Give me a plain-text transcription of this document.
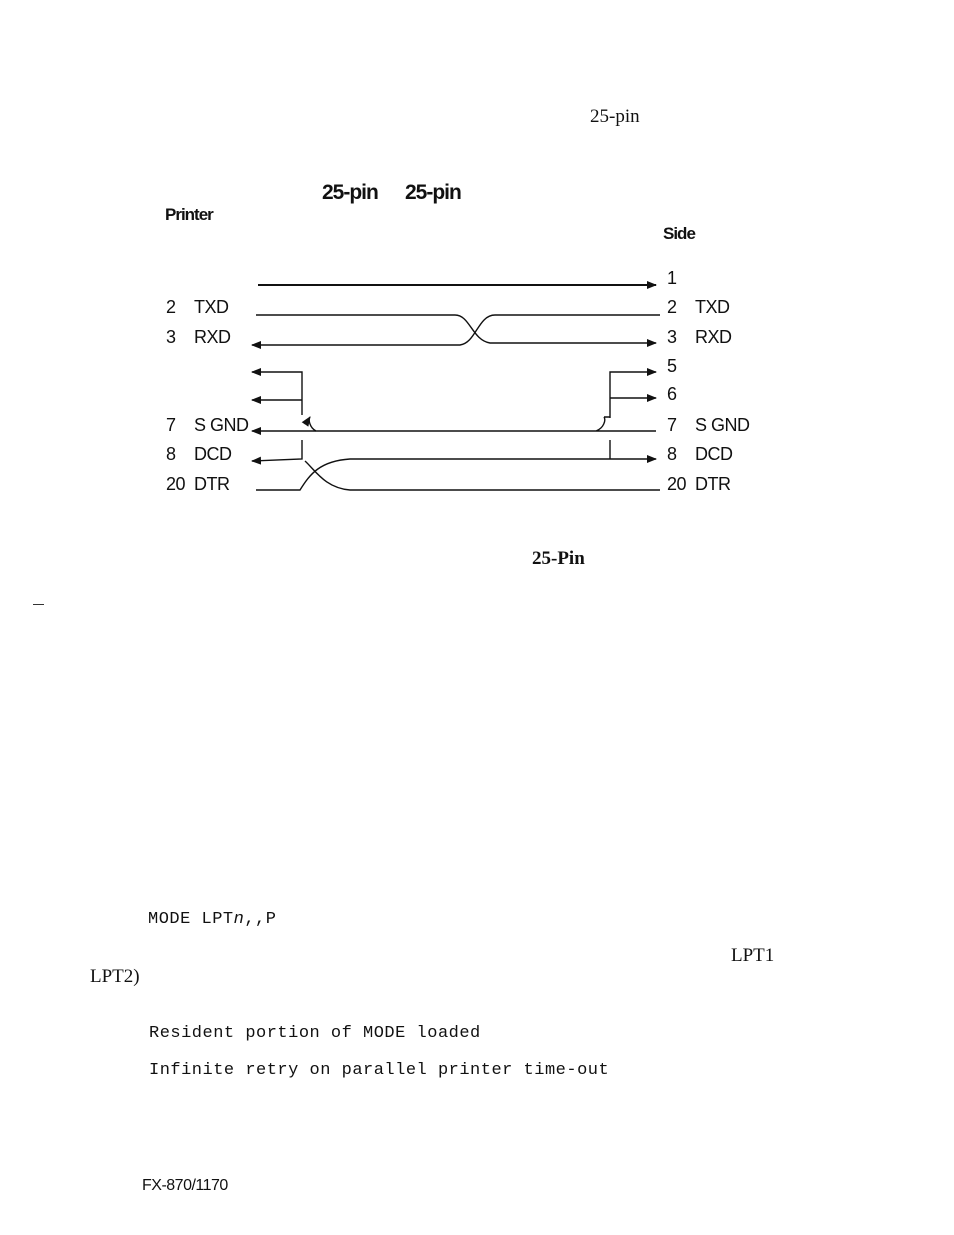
25-pin
25-pin 25-pin
Printer
Side
2 TXD
3 RXD
7 S GND
8 DCD
20 DTR
1
2 TXD
3 RXD
5
6
7 S GND
8 DCD
20 DTR
25-Pin
MODE LPTn,,P
LPT1
LPT2)
Resident portion of MODE loaded
Infinite retry on parallel printer time-out
FX-870/1170
